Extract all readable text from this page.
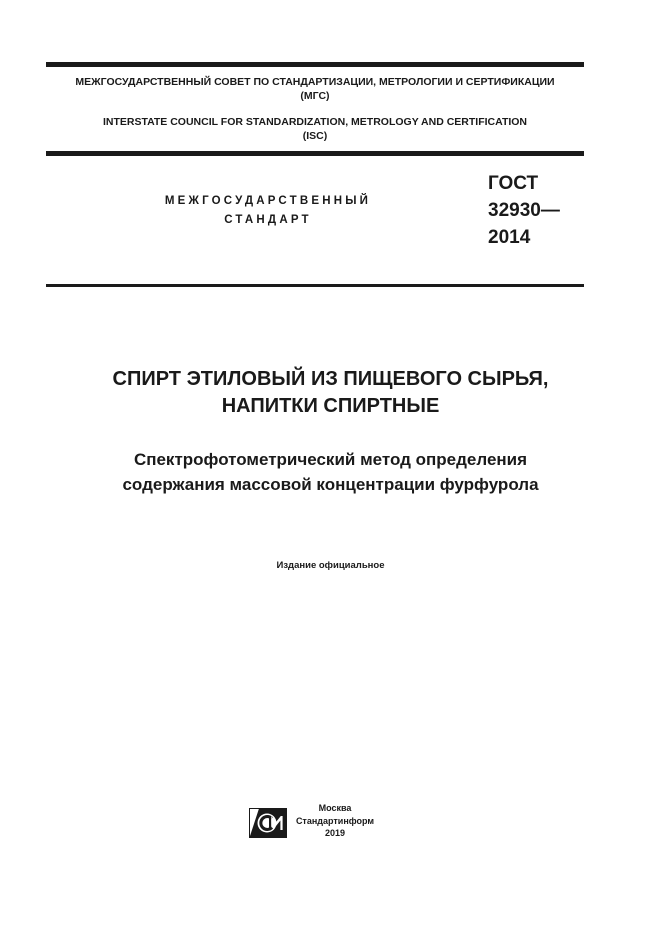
МЕЖГОСУДАРСТВЕННЫЙ СОВЕТ ПО СТАНДАРТИЗАЦИИ, МЕТРОЛОГИИ И СЕРТИФИКАЦИИ
(МГС)
INTERSTATE COUNCIL FOR STANDARDIZATION, METROLOGY AND CERTIFICATION
(ISC)
МЕЖГОСУДАРСТВЕННЫЙ
СТАНДАРТ
ГОСТ
32930—
2014
СПИРТ ЭТИЛОВЫЙ ИЗ ПИЩЕВОГО СЫРЬЯ,
НАПИТКИ СПИРТНЫЕ
Спектрофотометрический метод определения
содержания массовой концентрации фурфурола
Издание официальное
Москва
Стандартинформ
2019
